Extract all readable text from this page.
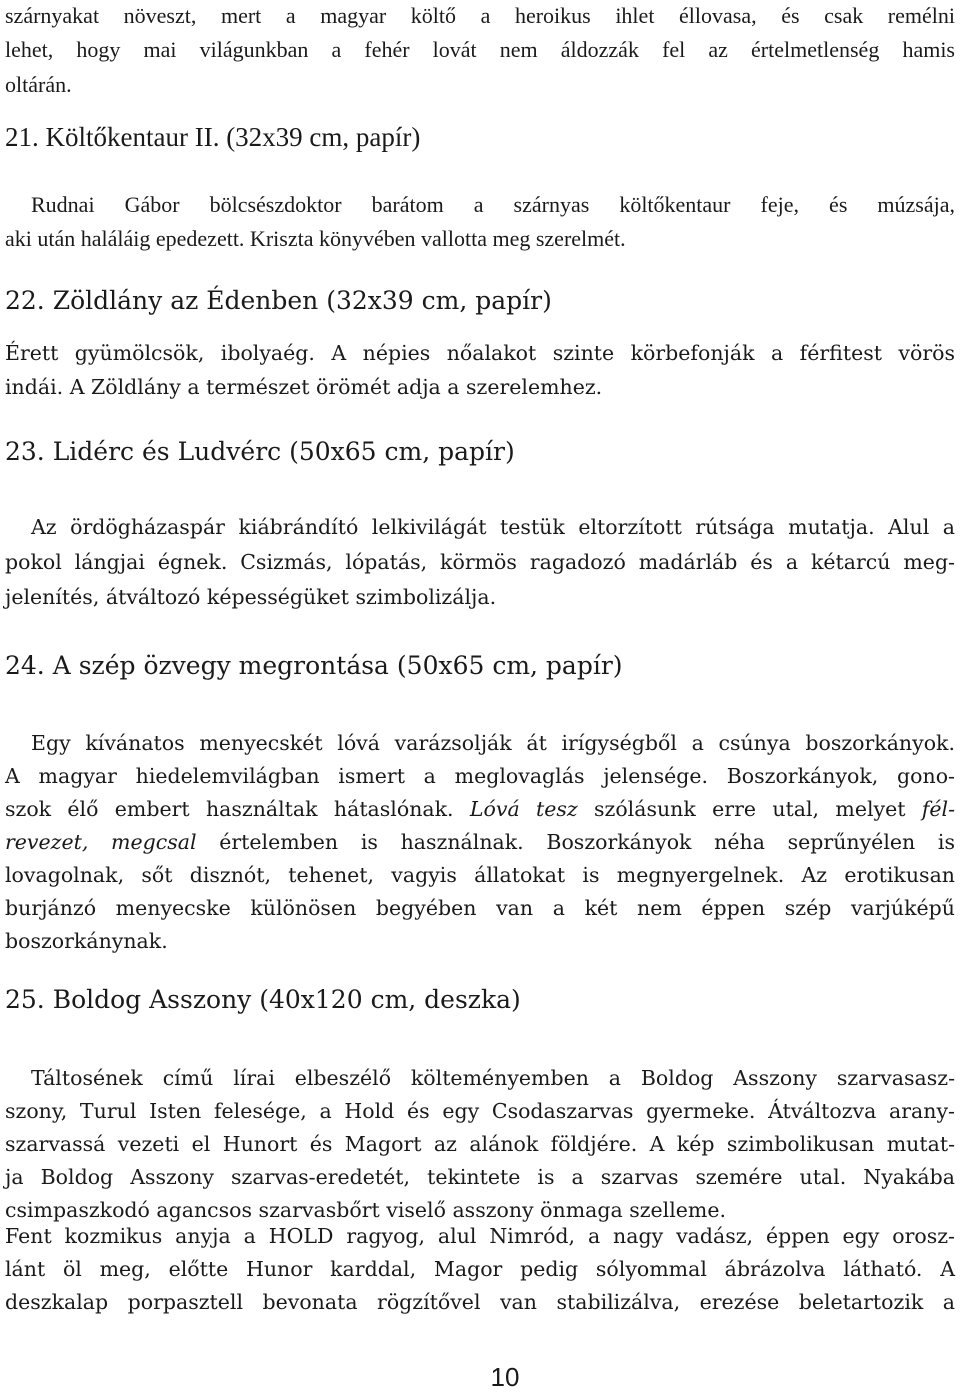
szárnyakat növeszt, mert a magyar költő a heroikus ihlet éllovasa, és csak remélni
lehet, hogy mai világunkban a fehér lovát nem áldozzák fel az értelmetlenség hamis
oltárán.
21. Költőkentaur II. (32x39 cm, papír)
Rudnai Gábor bölcsészdoktor barátom a szárnyas költőkentaur feje, és múzsája,
aki után haláláig epedezett. Kriszta könyvében vallotta meg szerelmét.
22. Zöldlány az Édenben (32x39 cm, papír)
Érett gyümölcsök, ibolyaég. A népies nőalakot szinte körbefonják a férfitest vörös
indái. A Zöldlány a természet örömét adja a szerelemhez.
23. Lidérc és Ludvérc (50x65 cm, papír)
Az ördögházaspár kiábrándító lelkivilágát testük eltorzított rútsága mutatja. Alul a
pokol lángjai égnek. Csizmás, lópatás, körmös ragadozó madárláb és a kétarcú meg-
jelenítés, átváltozó képességüket szimbolizálja.
24. A szép özvegy megrontása (50x65 cm, papír)
Egy kívánatos menyecskét lóvá varázsolják át irígységből a csúnya boszorkányok.
A magyar hiedelemvilágban ismert a meglovaglás jelensége. Boszorkányok, gono-
szok élő embert használtak hátaslónak. Lóvá tesz szólásunk erre utal, melyet fél-
revezet, megcsal értelemben is használnak. Boszorkányok néha seprűnyélen is
lovagolnak, sőt disznót, tehenet, vagyis állatokat is megnyergelnek. Az erotikusan
burjánzó menyecske különösen begyében van a két nem éppen szép varjúképű
boszorkánynak.
25. Boldog Asszony (40x120 cm, deszka)
Táltosének című lírai elbeszélő költeményemben a Boldog Asszony szarvasasz-
szony, Turul Isten felesége, a Hold és egy Csodaszarvas gyermeke. Átváltozva arany-
szarvassá vezeti el Hunort és Magort az alánok földjére. A kép szimbolikusan mutat-
ja Boldog Asszony szarvas-eredetét, tekintete is a szarvas szemére utal. Nyakába
csimpaszkodó agancsos szarvasbőrt viselő asszony önmaga szelleme.
Fent kozmikus anyja a HOLD ragyog, alul Nimród, a nagy vadász, éppen egy orosz-
lánt öl meg, előtte Hunor karddal, Magor pedig sólyommal ábrázolva látható. A
deszkalap porpasztell bevonata rögzítővel van stabilizálva, erezése beletartozik a
10
